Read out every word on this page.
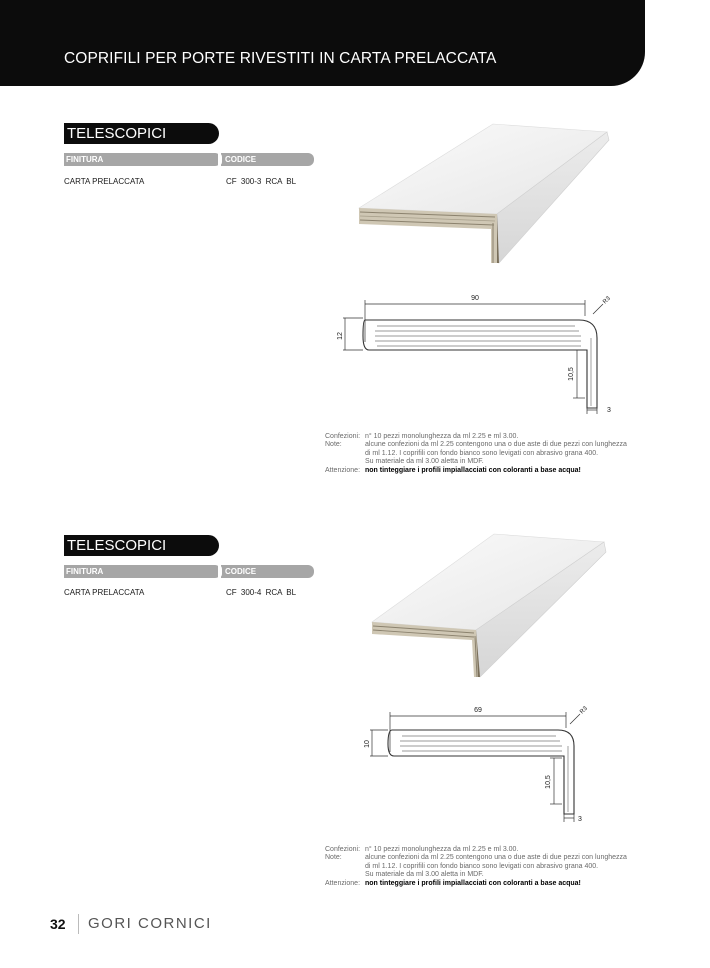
COPRIFILI PER PORTE RIVESTITI IN CARTA PRELACCATA
TELESCOPICI
FINITURA	CODICE
CARTA PRELACCATA	CF 300-3 RCA BL
90
12
R3
10,5
3
Confezioni: n° 10 pezzi monolunghezza da ml 2.25 e ml 3.00.
Note:	alcune confezioni da ml 2.25 contengono una o due aste di due pezzi con lunghezza
di ml 1.12. I coprifili con fondo bianco sono levigati con abrasivo grana 400.
Su materiale da ml 3.00 aletta in MDF.
Attenzione: non tinteggiare i profili impiallacciati con coloranti a base acqua!
TELESCOPICI
FINITURA	CODICE
CARTA PRELACCATA	CF 300-4 RCA BL
69
10
R3
10,5
3
Confezioni: n° 10 pezzi monolunghezza da ml 2.25 e ml 3.00.
Note:	alcune confezioni da ml 2.25 contengono una o due aste di due pezzi con lunghezza
di ml 1.12. I coprifili con fondo bianco sono levigati con abrasivo grana 400.
Su materiale da ml 3.00 aletta in MDF.
Attenzione: non tinteggiare i profili impiallacciati con coloranti a base acqua!
32 GORI CORNICI
